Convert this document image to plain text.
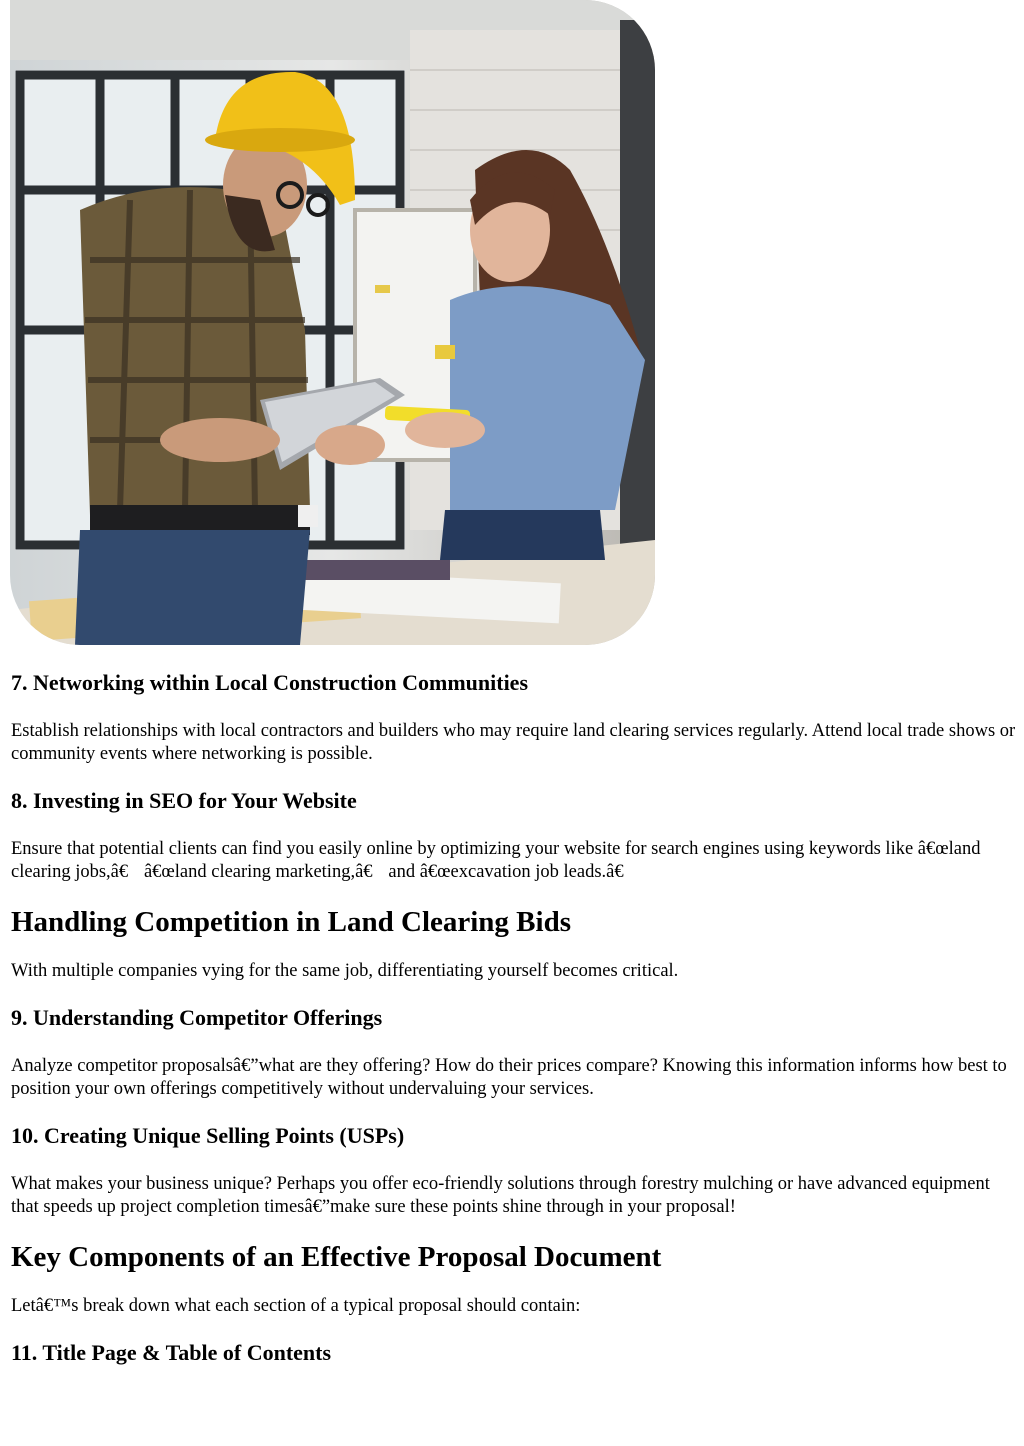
7. Networking within Local Construction Communities

Establish relationships with local contractors and builders who may require land clearing services regularly. Attend local trade shows or community events where networking is possible.

8. Investing in SEO for Your Website

Ensure that potential clients can find you easily online by optimizing your website for search engines using keywords like â€œland clearing jobs,â€ â€œland clearing marketing,â€ and â€œexcavation job leads.â€

Handling Competition in Land Clearing Bids

With multiple companies vying for the same job, differentiating yourself becomes critical.

9. Understanding Competitor Offerings

Analyze competitor proposalsâ€”what are they offering? How do their prices compare? Knowing this information informs how best to position your own offerings competitively without undervaluing your services.

10. Creating Unique Selling Points (USPs)

What makes your business unique? Perhaps you offer eco-friendly solutions through forestry mulching or have advanced equipment that speeds up project completion timesâ€”make sure these points shine through in your proposal!

Key Components of an Effective Proposal Document

Letâ€™s break down what each section of a typical proposal should contain:

11. Title Page & Table of Contents
